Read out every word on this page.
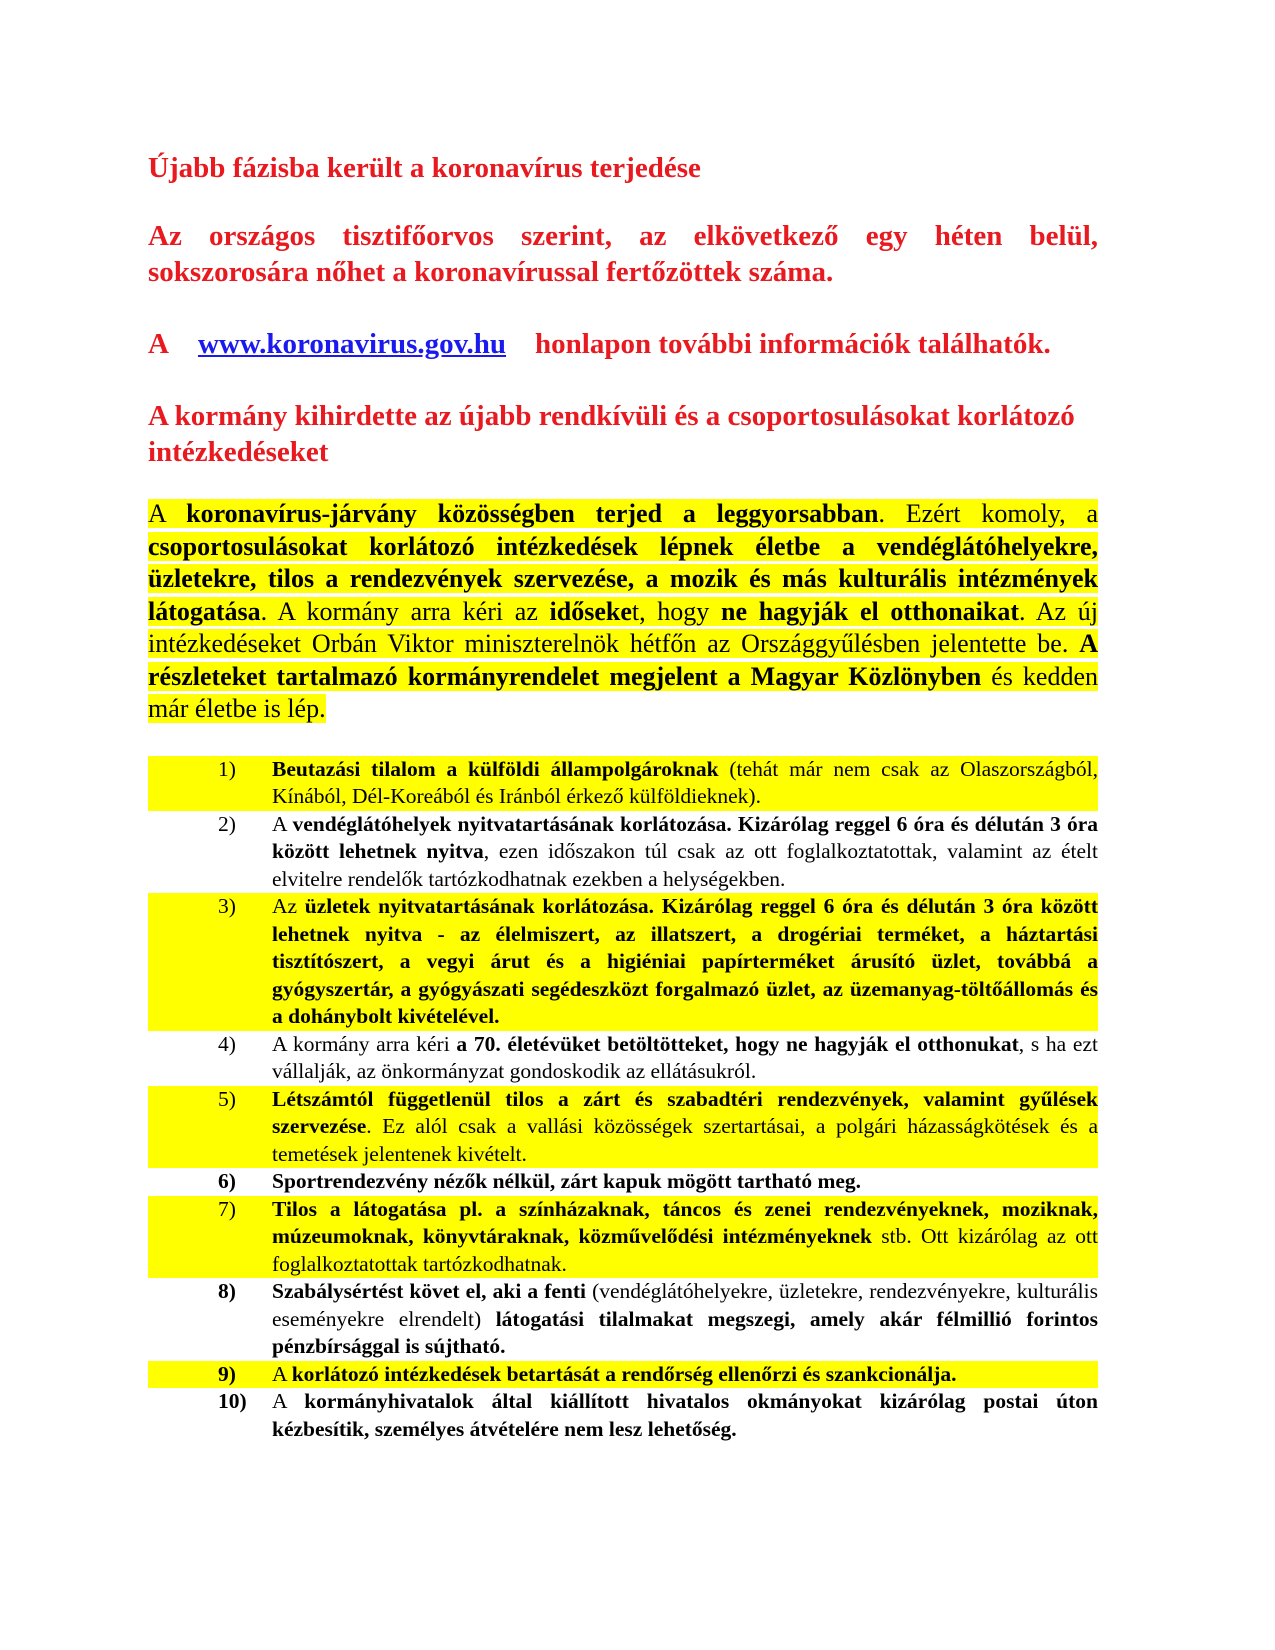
Újabb fázisba került a koronavírus terjedése

Az országos tisztifőorvos szerint, az elkövetkező egy héten belül, sokszorosára nőhet a koronavírussal fertőzöttek száma.

A www.koronavirus.gov.hu honlapon további információk találhatók.

A kormány kihirdette az újabb rendkívüli és a csoportosulásokat korlátozó intézkedéseket

A koronavírus-járvány közösségben terjed a leggyorsabban. Ezért komoly, a csoportosulásokat korlátozó intézkedések lépnek életbe a vendéglátóhelyekre, üzletekre, tilos a rendezvények szervezése, a mozik és más kulturális intézmények látogatása. A kormány arra kéri az időseket, hogy ne hagyják el otthonaikat. Az új intézkedéseket Orbán Viktor miniszterelnök hétfőn az Országgyűlésben jelentette be. A részleteket tartalmazó kormányrendelet megjelent a Magyar Közlönyben és kedden már életbe is lép.

1) Beutazási tilalom a külföldi állampolgároknak (tehát már nem csak az Olaszországból, Kínából, Dél-Koreából és Iránból érkező külföldieknek).
2) A vendéglátóhelyek nyitvatartásának korlátozása. Kizárólag reggel 6 óra és délután 3 óra között lehetnek nyitva, ezen időszakon túl csak az ott foglalkoztatottak, valamint az ételt elvitelre rendelők tartózkodhatnak ezekben a helységekben.
3) Az üzletek nyitvatartásának korlátozása. Kizárólag reggel 6 óra és délután 3 óra között lehetnek nyitva - az élelmiszert, az illatszert, a drogériai terméket, a háztartási tisztítószert, a vegyi árut és a higiéniai papírterméket árusító üzlet, továbbá a gyógyszertár, a gyógyászati segédeszközt forgalmazó üzlet, az üzemanyag-töltőállomás és a dohánybolt kivételével.
4) A kormány arra kéri a 70. életévüket betöltötteket, hogy ne hagyják el otthonukat, s ha ezt vállalják, az önkormányzat gondoskodik az ellátásukról.
5) Létszámtól függetlenül tilos a zárt és szabadtéri rendezvények, valamint gyűlések szervezése. Ez alól csak a vallási közösségek szertartásai, a polgári házasságkötések és a temetések jelentenek kivételt.
6) Sportrendezvény nézők nélkül, zárt kapuk mögött tartható meg.
7) Tilos a látogatása pl. a színházaknak, táncos és zenei rendezvényeknek, moziknak, múzeumoknak, könyvtáraknak, közművelődési intézményeknek stb. Ott kizárólag az ott foglalkoztatottak tartózkodhatnak.
8) Szabálysértést követ el, aki a fenti (vendéglátóhelyekre, üzletekre, rendezvényekre, kulturális eseményekre elrendelt) látogatási tilalmakat megszegi, amely akár félmillió forintos pénzbírsággal is sújtható.
9) A korlátozó intézkedések betartását a rendőrség ellenőrzi és szankcionálja.
10) A kormányhivatalok által kiállított hivatalos okmányokat kizárólag postai úton kézbesítik, személyes átvételére nem lesz lehetőség.
